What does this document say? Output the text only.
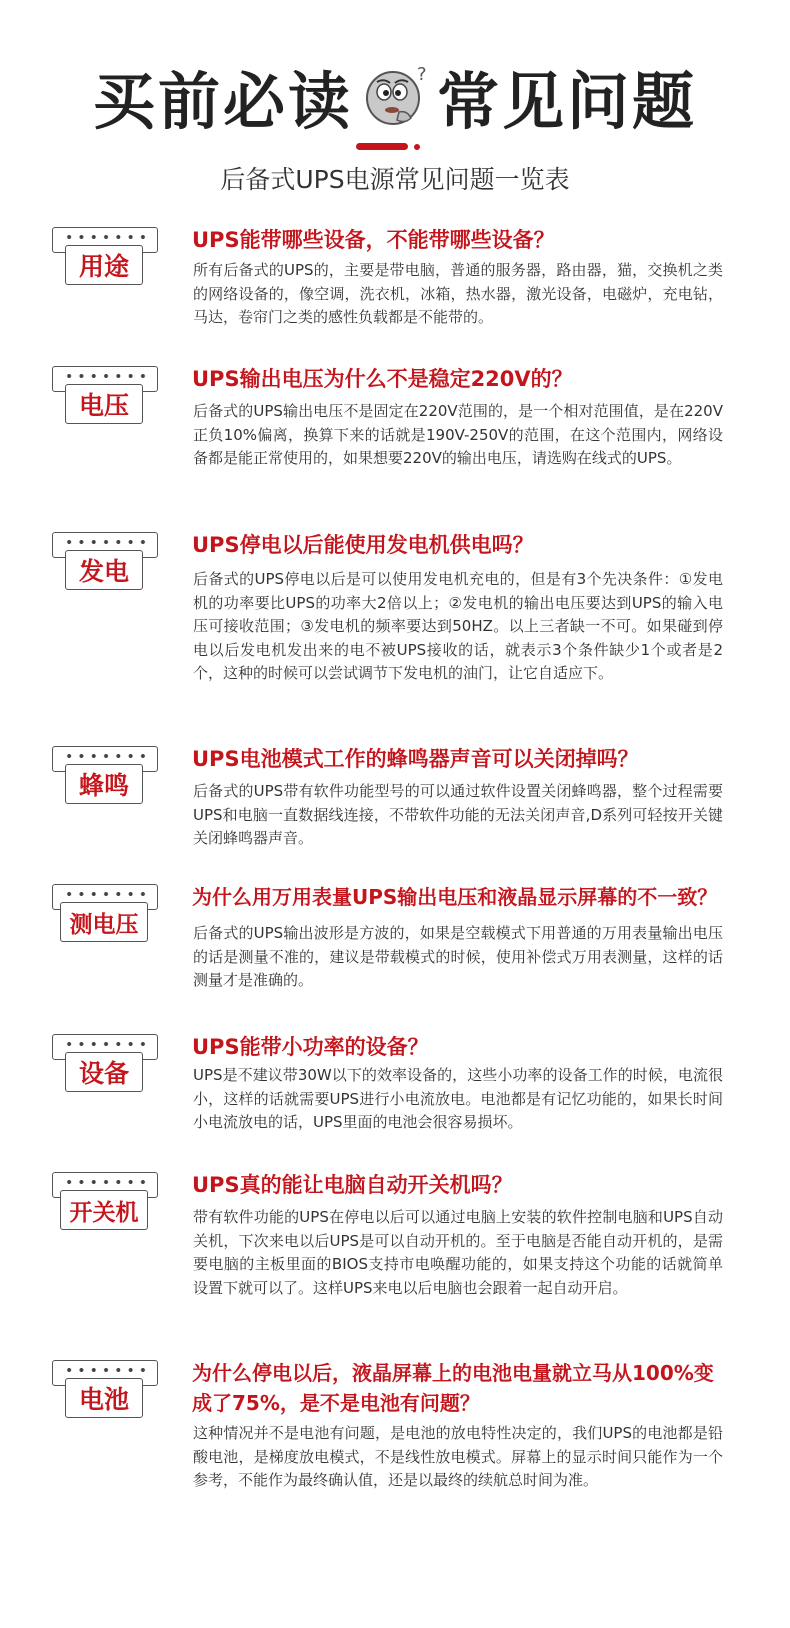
买前必读	? 常见问题
后备式UPS电源常见问题一览表
用途
UPS能带哪些设备，不能带哪些设备？
所有后备式的UPS的，主要是带电脑，普通的服务器，路由器，猫，交换机之类的网络设备的，像空调，洗衣机，冰箱，热水器，激光设备，电磁炉，充电钻，马达，卷帘门之类的感性负载都是不能带的。
电压
UPS输出电压为什么不是稳定220V的？
后备式的UPS输出电压不是固定在220V范围的，是一个相对范围值，是在220V正负10%偏离，换算下来的话就是190V-250V的范围，在这个范围内，网络设备都是能正常使用的，如果想要220V的输出电压，请选购在线式的UPS。
发电
UPS停电以后能使用发电机供电吗？
后备式的UPS停电以后是可以使用发电机充电的，但是有3个先决条件：①发电机的功率要比UPS的功率大2倍以上；②发电机的输出电压要达到UPS的输入电压可接收范围；③发电机的频率要达到50HZ。以上三者缺一不可。如果碰到停电以后发电机发出来的电不被UPS接收的话，就表示3个条件缺少1个或者是2个，这种的时候可以尝试调节下发电机的油门，让它自适应下。
蜂鸣
UPS电池模式工作的蜂鸣器声音可以关闭掉吗？
后备式的UPS带有软件功能型号的可以通过软件设置关闭蜂鸣器，整个过程需要UPS和电脑一直数据线连接，不带软件功能的无法关闭声音,D系列可轻按开关键关闭蜂鸣器声音。
测电压
为什么用万用表量UPS输出电压和液晶显示屏幕的不一致？
后备式的UPS输出波形是方波的，如果是空载模式下用普通的万用表量输出电压的话是测量不准的，建议是带载模式的时候，使用补偿式万用表测量，这样的话测量才是准确的。
设备
UPS能带小功率的设备？
UPS是不建议带30W以下的效率设备的，这些小功率的设备工作的时候，电流很小，这样的话就需要UPS进行小电流放电。电池都是有记忆功能的，如果长时间小电流放电的话，UPS里面的电池会很容易损坏。
开关机
UPS真的能让电脑自动开关机吗？
带有软件功能的UPS在停电以后可以通过电脑上安装的软件控制电脑和UPS自动关机，下次来电以后UPS是可以自动开机的。至于电脑是否能自动开机的，是需要电脑的主板里面的BIOS支持市电唤醒功能的，如果支持这个功能的话就简单设置下就可以了。这样UPS来电以后电脑也会跟着一起自动开启。
电池
为什么停电以后，液晶屏幕上的电池电量就立马从100%变成了75%，是不是电池有问题？
这种情况并不是电池有问题，是电池的放电特性决定的，我们UPS的电池都是铅酸电池，是梯度放电模式，不是线性放电模式。屏幕上的显示时间只能作为一个参考，不能作为最终确认值，还是以最终的续航总时间为准。
